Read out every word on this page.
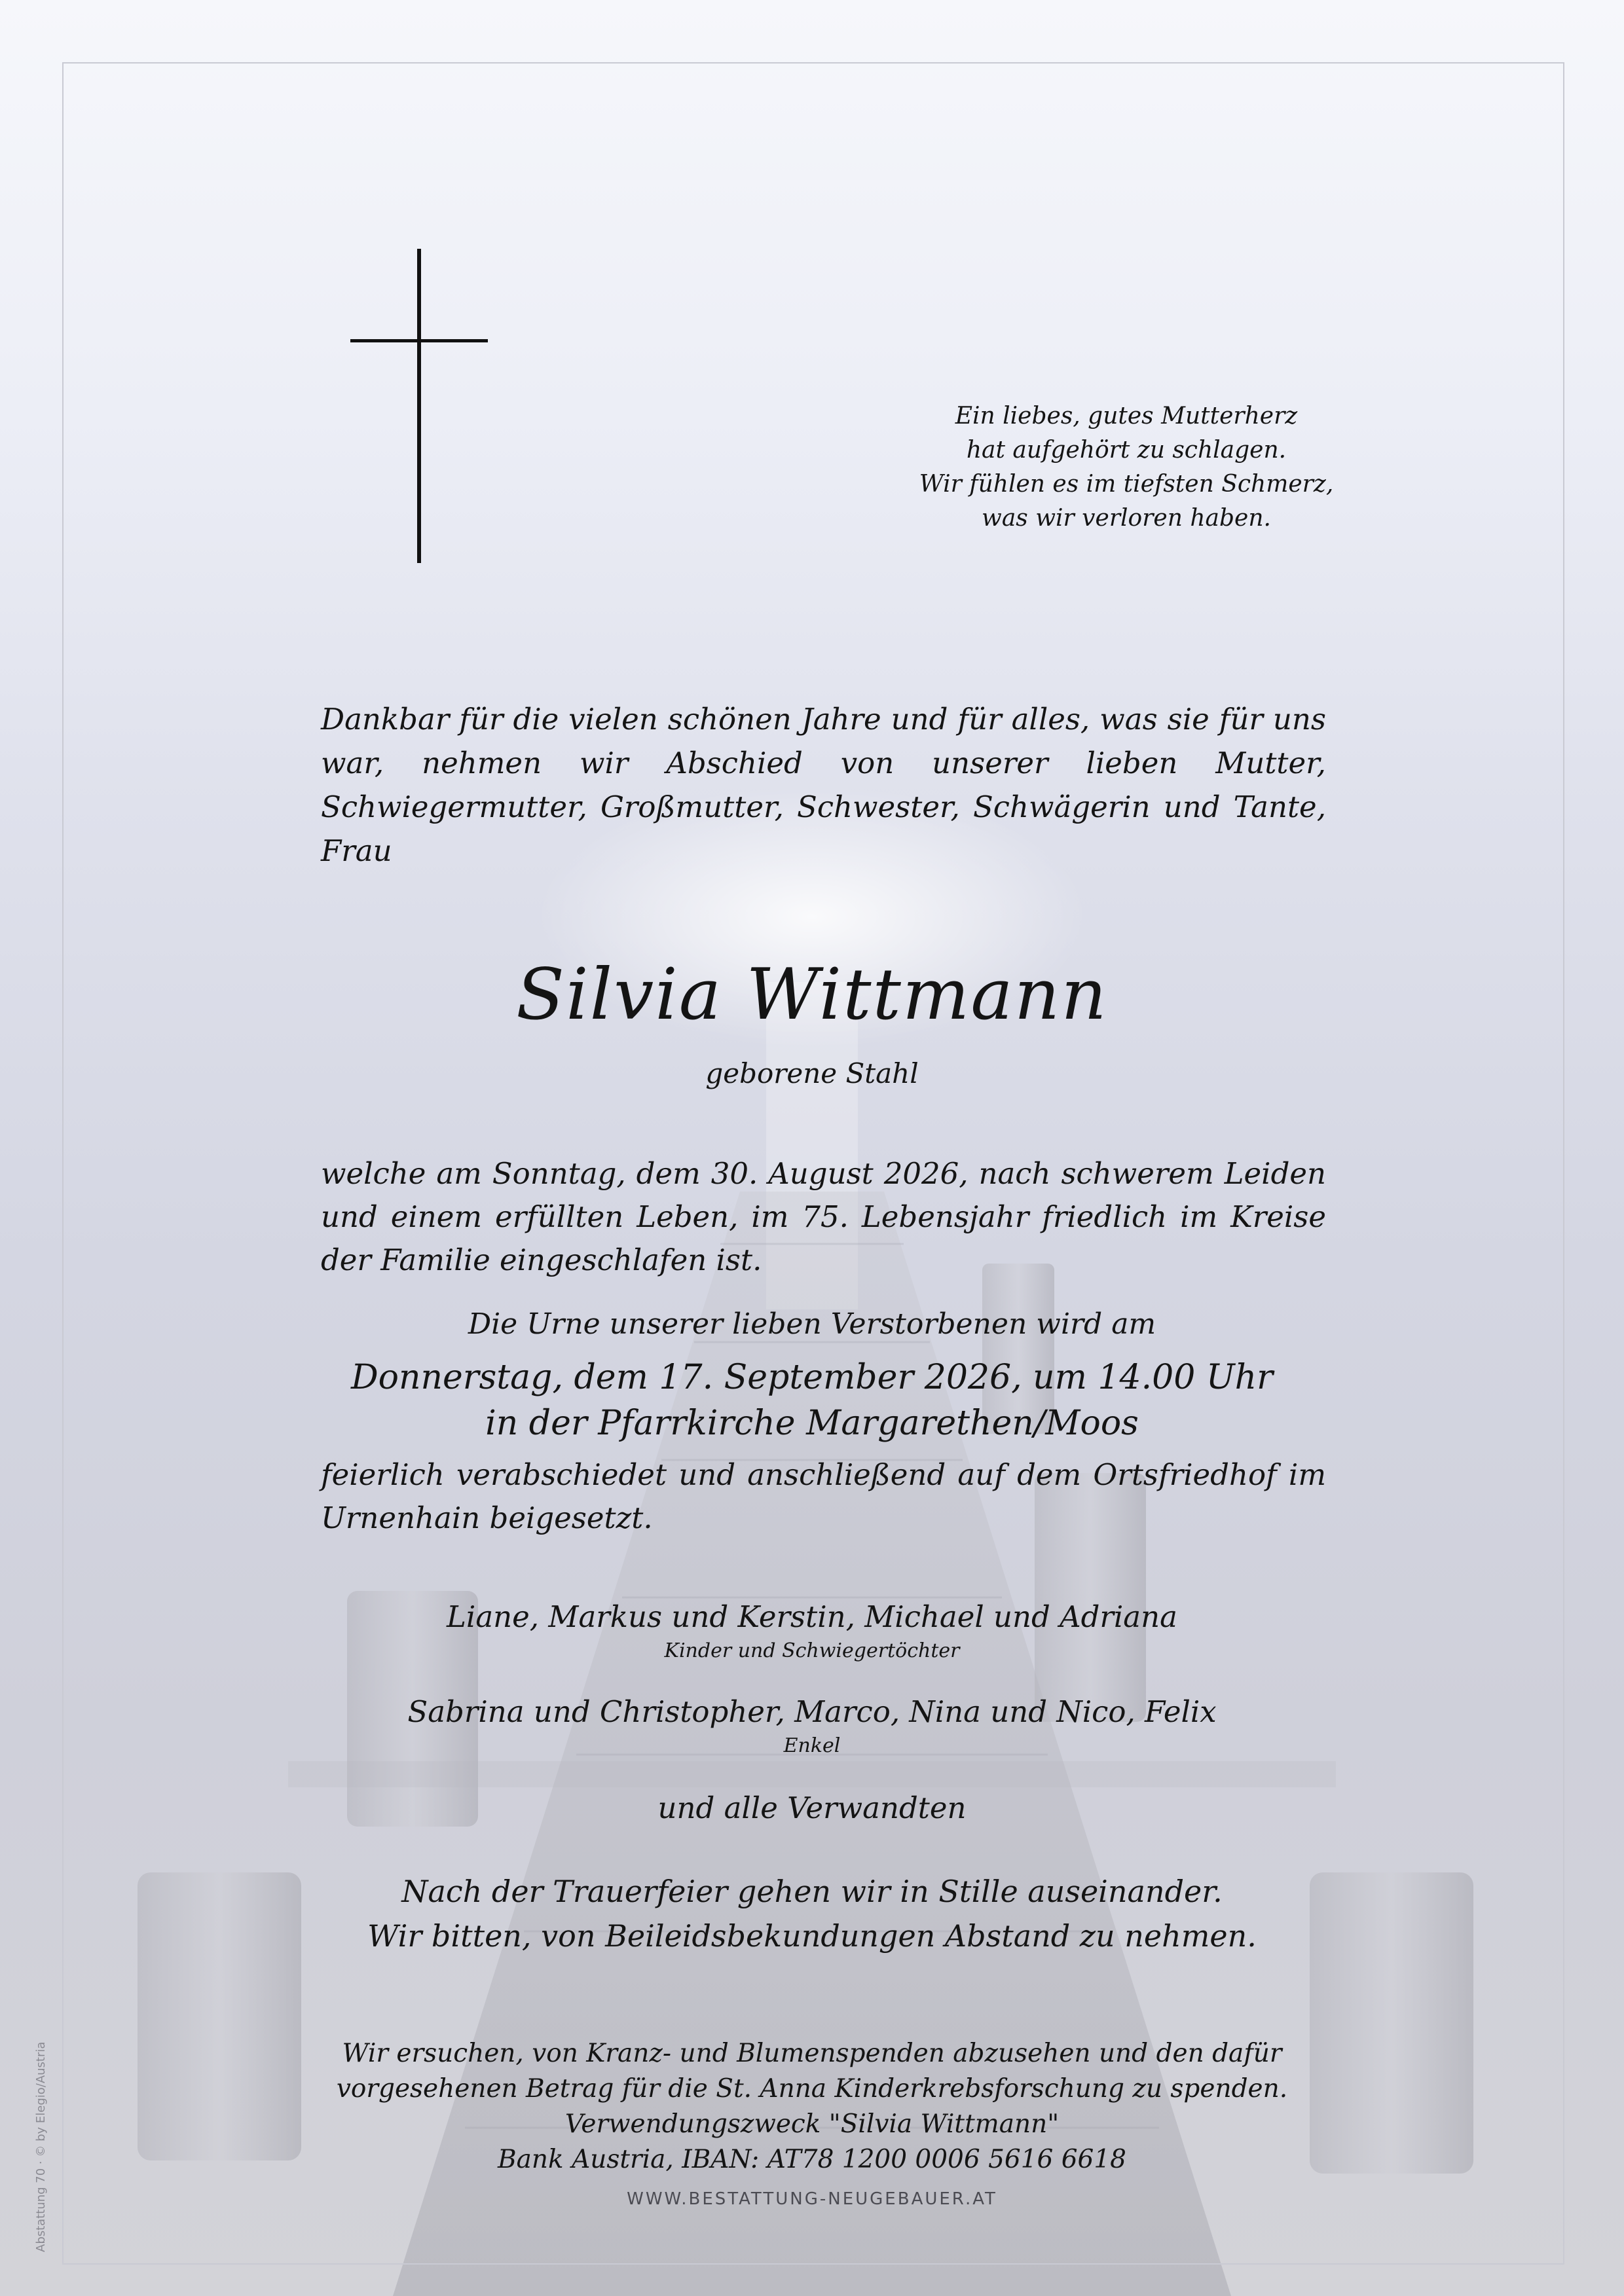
Ein liebes, gutes Mutterherz
hat aufgehört zu schlagen.
Wir fühlen es im tiefsten Schmerz,
was wir verloren haben.
Dankbar für die vielen schönen Jahre und für alles, was sie für uns war, nehmen wir Abschied von unserer lieben Mutter, Schwiegermutter, Großmutter, Schwester, Schwägerin und Tante, Frau
Silvia Wittmann
geborene Stahl
welche am Sonntag, dem 30. August 2026, nach schwerem Leiden und einem erfüllten Leben, im 75. Lebensjahr friedlich im Kreise der Familie eingeschlafen ist.
Die Urne unserer lieben Verstorbenen wird am
Donnerstag, dem 17. September 2026, um 14.00 Uhr
in der Pfarrkirche Margarethen/Moos
feierlich verabschiedet und anschließend auf dem Ortsfriedhof im Urnenhain beigesetzt.
Liane, Markus und Kerstin, Michael und Adriana
Kinder und Schwiegertöchter
Sabrina und Christopher, Marco, Nina und Nico, Felix
Enkel
und alle Verwandten
Nach der Trauerfeier gehen wir in Stille auseinander.
Wir bitten, von Beileidsbekundungen Abstand zu nehmen.
Wir ersuchen, von Kranz- und Blumenspenden abzusehen und den dafür
vorgesehenen Betrag für die St. Anna Kinderkrebsforschung zu spenden.
Verwendungszweck "Silvia Wittmann"
Bank Austria, IBAN: AT78 1200 0006 5616 6618
WWW.BESTATTUNG-NEUGEBAUER.AT
Abstattung 70 · © by Elegio/Austria
